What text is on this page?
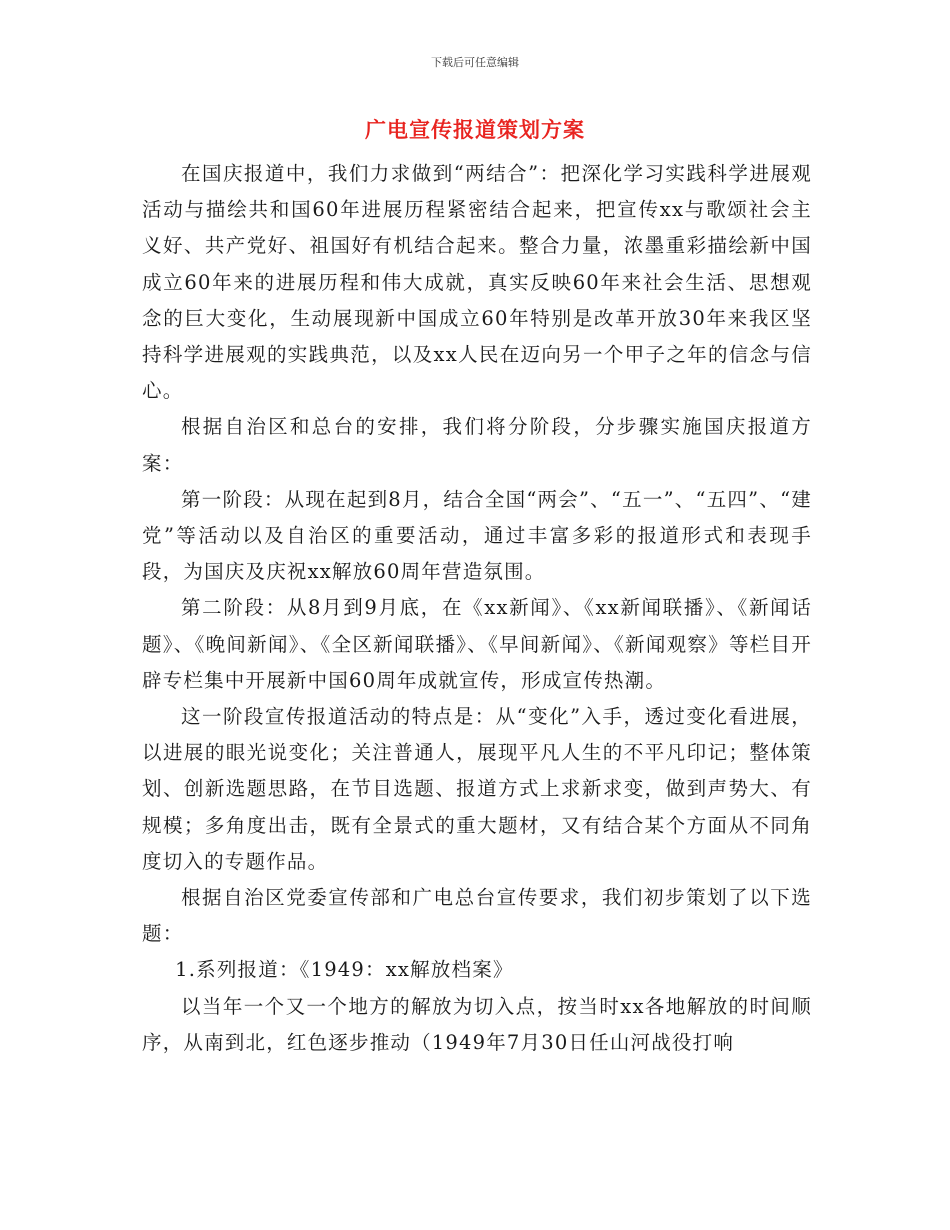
下载后可任意编辑
广电宣传报道策划方案

在国庆报道中，我们力求做到“两结合”：把深化学习实践科学进展观活动与描绘共和国60年进展历程紧密结合起来，把宣传xx与歌颂社会主义好、共产党好、祖国好有机结合起来。整合力量，浓墨重彩描绘新中国成立60年来的进展历程和伟大成就，真实反映60年来社会生活、思想观念的巨大变化，生动展现新中国成立60年特别是改革开放30年来我区坚持科学进展观的实践典范，以及xx人民在迈向另一个甲子之年的信念与信心。

根据自治区和总台的安排，我们将分阶段，分步骤实施国庆报道方案：

第一阶段：从现在起到8月，结合全国“两会”、“五一”、“五四”、“建党”等活动以及自治区的重要活动，通过丰富多彩的报道形式和表现手段，为国庆及庆祝xx解放60周年营造氛围。

第二阶段：从8月到9月底，在《xx新闻》、《xx新闻联播》、《新闻话题》、《晚间新闻》、《全区新闻联播》、《早间新闻》、《新闻观察》等栏目开辟专栏集中开展新中国60周年成就宣传，形成宣传热潮。

这一阶段宣传报道活动的特点是：从“变化”入手，透过变化看进展，以进展的眼光说变化；关注普通人，展现平凡人生的不平凡印记；整体策划、创新选题思路，在节目选题、报道方式上求新求变，做到声势大、有规模；多角度出击，既有全景式的重大题材，又有结合某个方面从不同角度切入的专题作品。

根据自治区党委宣传部和广电总台宣传要求，我们初步策划了以下选题：

1.系列报道：《1949：xx解放档案》

以当年一个又一个地方的解放为切入点，按当时xx各地解放的时间顺序，从南到北，红色逐步推动（1949年7月30日任山河战役打响
